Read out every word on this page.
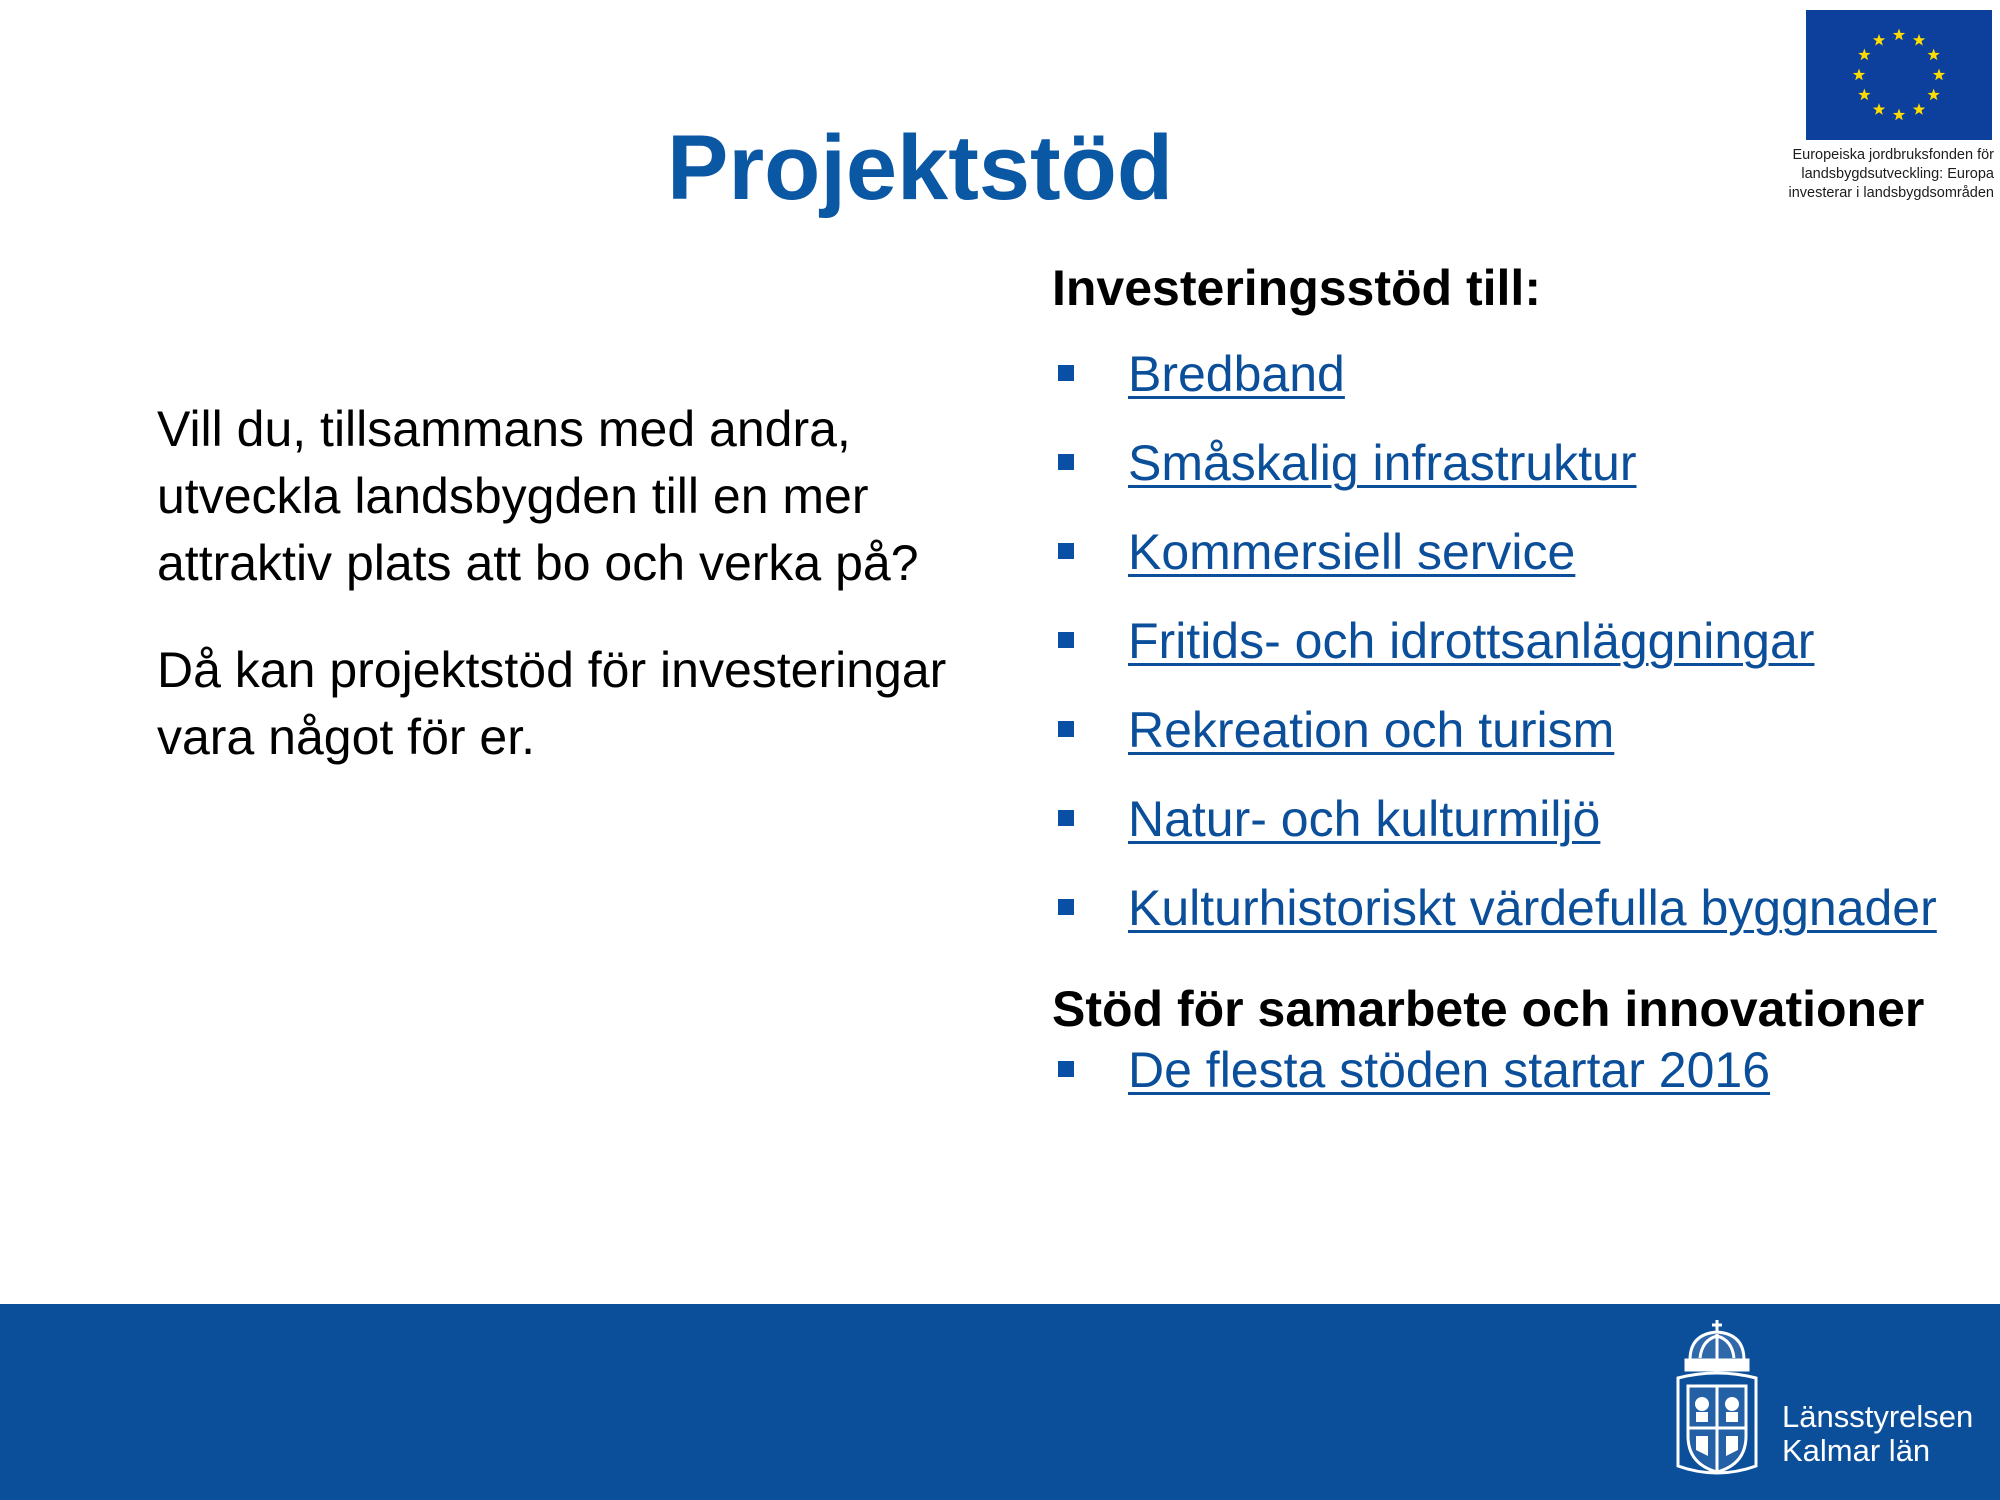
Projektstöd	Europeiska jordbruksfonden för
landsbygdsutveckling: Europa
investerar i landsbygdsområden

Vill du, tillsammans med andra, utveckla landsbygden till en mer attraktiv plats att bo och verka på?

Då kan projektstöd för investeringar vara något för er.

Investeringsstöd till:
Bredband
Småskalig infrastruktur
Kommersiell service
Fritids- och idrottsanläggningar
Rekreation och turism
Natur- och kulturmiljö
Kulturhistoriskt värdefulla byggnader
Stöd för samarbete och innovationer
De flesta stöden startar 2016
Länsstyrelsen
Kalmar län
